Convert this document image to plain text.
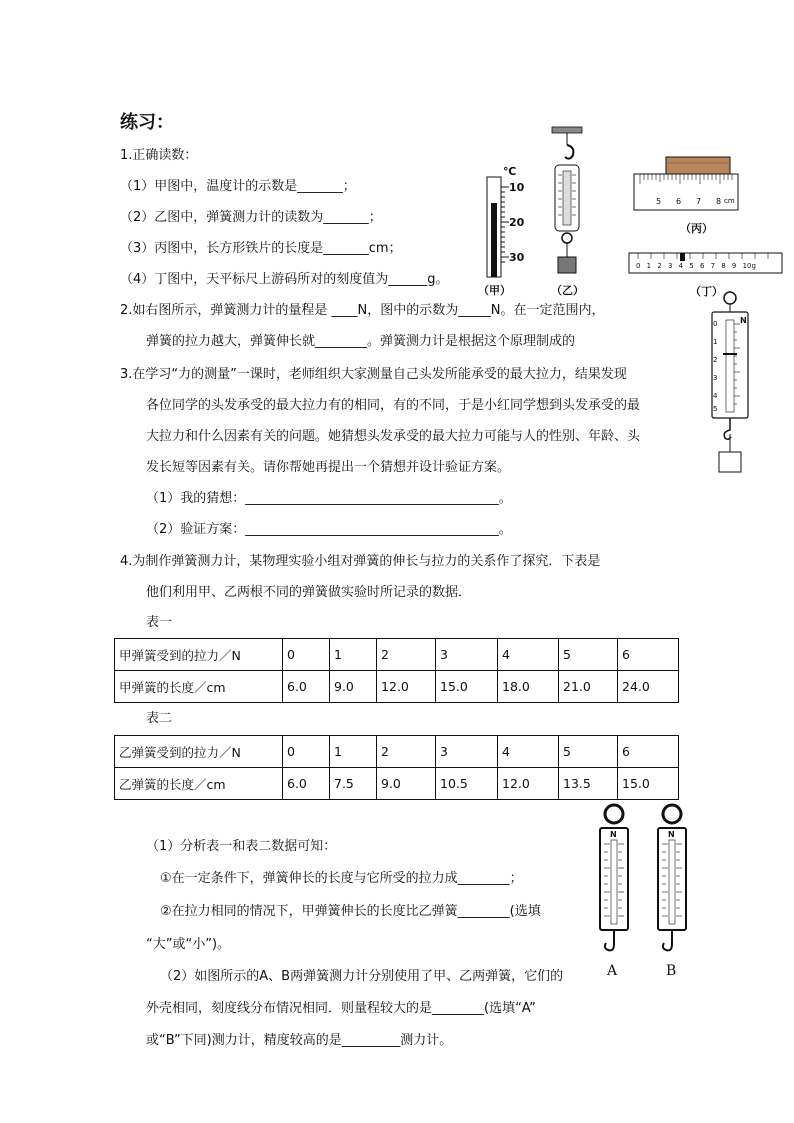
练习：
1.正确读数：
（1）甲图中，温度计的示数是_______；
（2）乙图中，弹簧测力计的读数为_______；
（3）丙图中，长方形铁片的长度是_______cm；
（4）丁图中，天平标尺上游码所对的刻度值为______g。
2.如右图所示，弹簧测力计的量程是 ____N，图中的示数为_____N。在一定范围内，
弹簧的拉力越大，弹簧伸长就________。弹簧测力计是根据这个原理制成的
3.在学习“力的测量”一课时，老师组织大家测量自己头发所能承受的最大拉力，结果发现
各位同学的头发承受的最大拉力有的相同，有的不同，于是小红同学想到头发承受的最
大拉力和什么因素有关的问题。她猜想头发承受的最大拉力可能与人的性别、年龄、头
发长短等因素有关。请你帮她再提出一个猜想并设计验证方案。
（1）我的猜想：_______________________________________。
（2）验证方案：_______________________________________。
4.为制作弹簧测力计，某物理实验小组对弹簧的伸长与拉力的关系作了探究．下表是
他们利用甲、乙两根不同的弹簧做实验时所记录的数据．
表一
甲弹簧受到的拉力／N	0	1	2	3	4	5	6
甲弹簧的长度／cm	6.0	9.0	12.0	15.0	18.0	21.0	24.0
表二
乙弹簧受到的拉力／N	0	1	2	3	4	5	6
乙弹簧的长度／cm	6.0	7.5	9.0	10.5	12.0	13.5	15.0
（1）分析表一和表二数据可知：
①在一定条件下，弹簧伸长的长度与它所受的拉力成________；
②在拉力相同的情况下，甲弹簧伸长的长度比乙弹簧________(选填
“大”或“小”)。
（2）如图所示的A、B两弹簧测力计分别使用了甲、乙两弹簧，它们的
外壳相同，刻度线分布情况相同．则量程较大的是________(选填“A”
或“B”下同)测力计，精度较高的是_________测力计。
℃
10
20
30
（甲）	（乙）
5 6 7 8 cm
（丙）
012345678910g
（丁）
N
0
1
2
3
4
5
N	N
A	B
